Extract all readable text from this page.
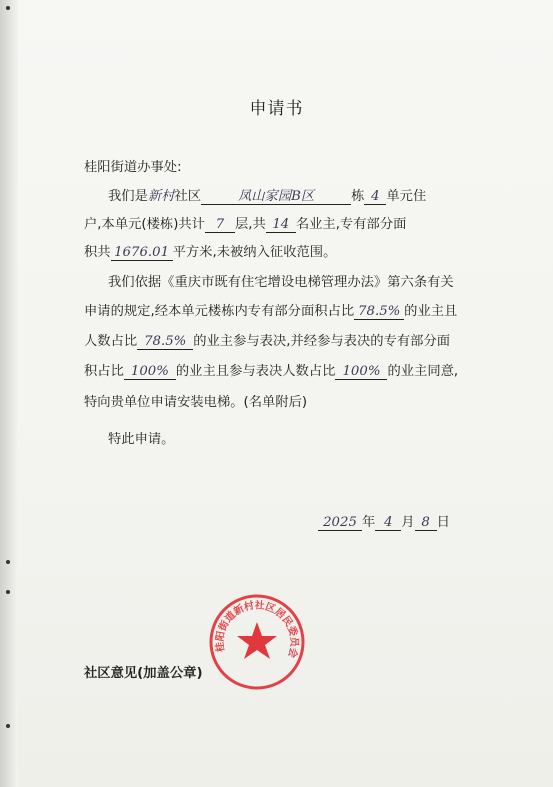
申请书
桂阳街道办事处:
我们是新村社区	凤山家园B区	栋 4 单元住
户,本单元(楼栋)共计 7 层,共 14 名业主,专有部分面
积共 1676.01 平方米,未被纳入征收范围。
我们依据《重庆市既有住宅增设电梯管理办法》第六条有关
申请的规定,经本单元楼栋内专有部分面积占比 78.5% 的业主且
人数占比 78.5% 的业主参与表决,并经参与表决的专有部分面
积占比 100% 的业主且参与表决人数占比 100% 的业主同意,
特向贵单位申请安装电梯。(名单附后)
特此申请。
2025 年 4 月 8 日
桂阳街道新村社区居民委员会
社区意见(加盖公章)
